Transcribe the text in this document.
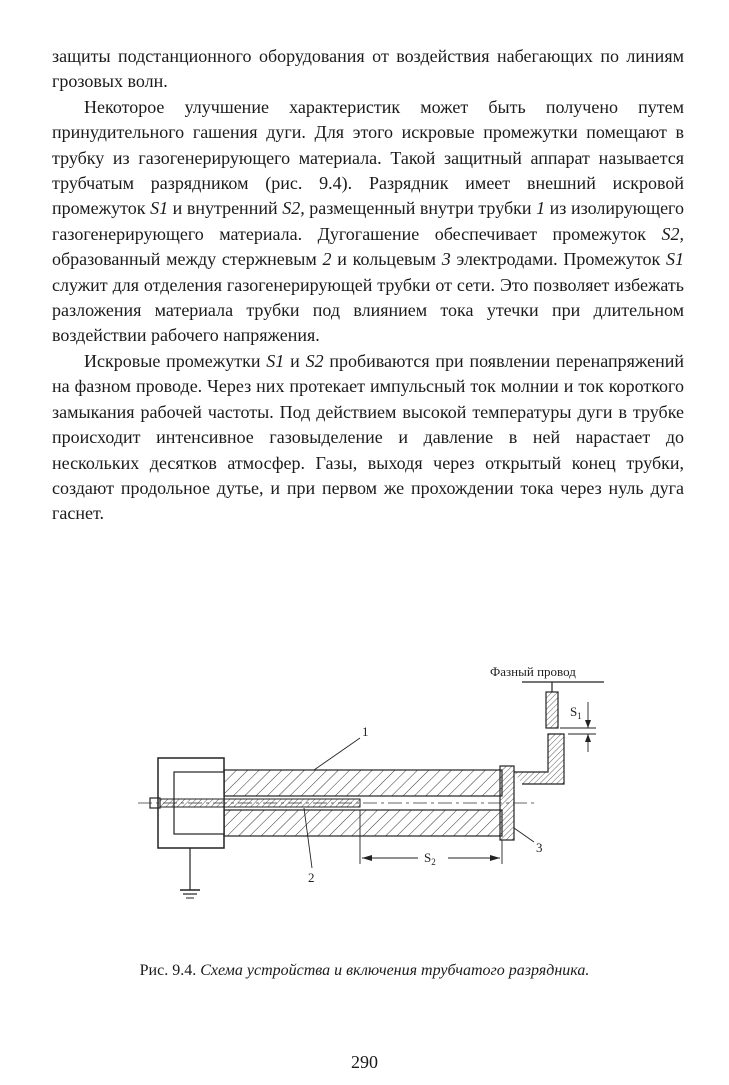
защиты подстанционного оборудования от воздействия набегающих по линиям грозовых волн.

Некоторое улучшение характеристик может быть получено путем принудительного гашения дуги. Для этого искровые промежутки помещают в трубку из газогенерирующего материала. Такой защитный аппарат называется трубчатым разрядником (рис. 9.4). Разрядник имеет внешний искровой промежуток S1 и внутренний S2, размещенный внутри трубки 1 из изолирующего газогенерирующего материала. Дугогашение обеспечивает промежуток S2, образованный между стержневым 2 и кольцевым 3 электродами. Промежуток S1 служит для отделения газогенерирующей трубки от сети. Это позволяет избежать разложения материала трубки под влиянием тока утечки при длительном воздействии рабочего напряжения.

Искровые промежутки S1 и S2 пробиваются при появлении перенапряжений на фазном проводе. Через них протекает импульсный ток молнии и ток короткого замыкания рабочей частоты. Под действием высокой температуры дуги в трубке происходит интенсивное газовыделение и давление в ней нарастает до нескольких десятков атмосфер. Газы, выходя через открытый конец трубки, создают продольное дутье, и при первом же прохождении тока через нуль дуга гаснет.

Фазный провод
$S_1$
$S_2$
1
2
3
Рис. 9.4. Схема устройства и включения трубчатого разрядника.
290
